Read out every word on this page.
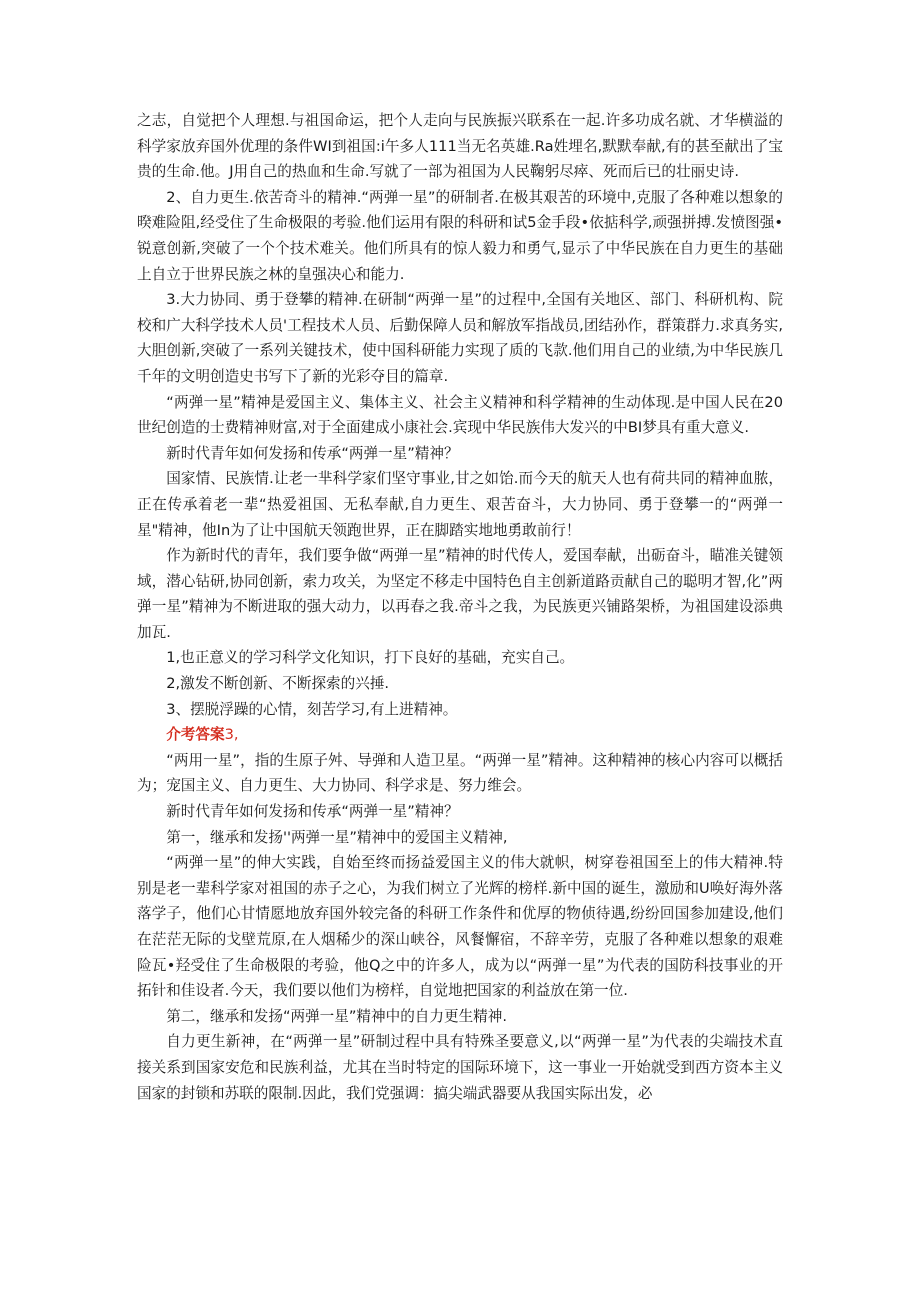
之志，自觉把个人理想.与祖国命运，把个人走向与民族振兴联系在一起.许多功成名就、才华横溢的科学家放弃国外优理的条件WI到祖国:i午多人111当无名英雄.Ra姓埋名,默默奉献,有的甚至献出了宝贵的生命.他。J用自己的热血和生命.写就了一部为祖国为人民鞠躬尽瘁、死而后已的壮丽史诗.

2、自力更生.依苦奇斗的精神.“两弹一星”的研制者.在极其艰苦的环境中,克服了各种难以想象的暌难险阻,经受住了生命极限的考验.他们运用有限的科研和试5金手段•依掂科学,顽强拼搏.发愤图强•锐意创新,突破了一个个技术难关。他们所具有的惊人毅力和勇气,显示了中华民族在自力更生的基础上自立于世界民族之林的皇强决心和能力.

3.大力协同、勇于登攀的精神.在研制“两弹一星”的过程中,全国有关地区、部门、科研机构、院校和广大科学技术人员'工程技术人员、后勤保障人员和解放军指战员,团结孙作，群策群力.求真务实,大胆创新,突破了一系列关键技术，使中国科研能力实现了质的飞款.他们用自己的业绩,为中华民族几千年的文明创造史书写下了新的光彩夺目的篇章.

“两弹一星”精神是爱国主义、集体主义、社会主义精神和科学精神的生动体现.是中国人民在20世纪创造的士费精神财富,对于全面建成小康社会.宾现中华民族伟大发兴的中BI梦具有重大意义.

新时代青年如何发扬和传承“两弹一星”精神？

国家情、民族情.让老一芈科学家们坚守事业,甘之如饴.而今天的航天人也有荷共同的精神血脓，正在传承着老一辈“热爱祖国、无私奉献,自力更生、艰苦奋斗，大力协同、勇于登攀一的“两弹一星"精神，他In为了让中国航天领跑世界，正在脚踏实地地勇敢前行！

作为新时代的青年，我们要争做“两弹一星”精神的时代传人，爱国奉献，出砺奋斗，瞄准关键领域，潜心钻研,协同创新，索力攻关，为坚定不移走中国特色自主创新道路贡献自己的聪明才智,化”两弹一星”精神为不断进取的强大动力，以再春之我.帝斗之我，为民族更兴铺路架桥，为祖国建设添典加瓦.

1,也正意义的学习科学文化知识，打下良好的基础，充实自己。

2,激发不断创新、不断探索的兴捶.

3、摆脱浮躁的心情，刻苦学习,有上进精神。

介考答案3,

“两用一星”，指的生原子舛、导弹和人造卫星。“两弹一星”精神。这种精神的核心内容可以概括为；宠国主义、自力更生、大力协同、科学求是、努力维会。

新时代青年如何发扬和传承“两弹一星”精神？

第一，继承和发扬''两弹一星”精神中的爱国主义精神,

“两弹一星”的伸大实践，自始至终而扬益爱国主义的伟大就帜，树穿卷祖国至上的伟大精神.特别是老一辈科学家对祖国的赤子之心，为我们树立了光辉的榜样.新中国的诞生，激励和U唤好海外落落学子，他们心甘情愿地放弃国外较完备的科研工作条件和优厚的物侦待遇,纷纷回国参加建设,他们在茫茫无际的戈壁荒原,在人烟稀少的深山峡谷，风餐懈宿，不辞辛劳，克服了各种难以想象的艰难险瓦•羟受住了生命极限的考验，他Q之中的许多人，成为以“两弹一星”为代表的国防科技事业的开拓针和佳设者.今天，我们要以他们为榜样，自觉地把国家的利益放在第一位.

第二，继承和发扬“两弹一星”精神中的自力更生精神.

自力更生新神，在“两弹一星”研制过程中具有特殊圣要意义,以“两弹一星”为代表的尖端技术直接关系到国家安危和民族利益，尤其在当时特定的国际环境下，这一事业一开始就受到西方资本主义国家的封锁和苏联的限制.因此，我们党强调：搞尖端武器要从我国实际出发，必
